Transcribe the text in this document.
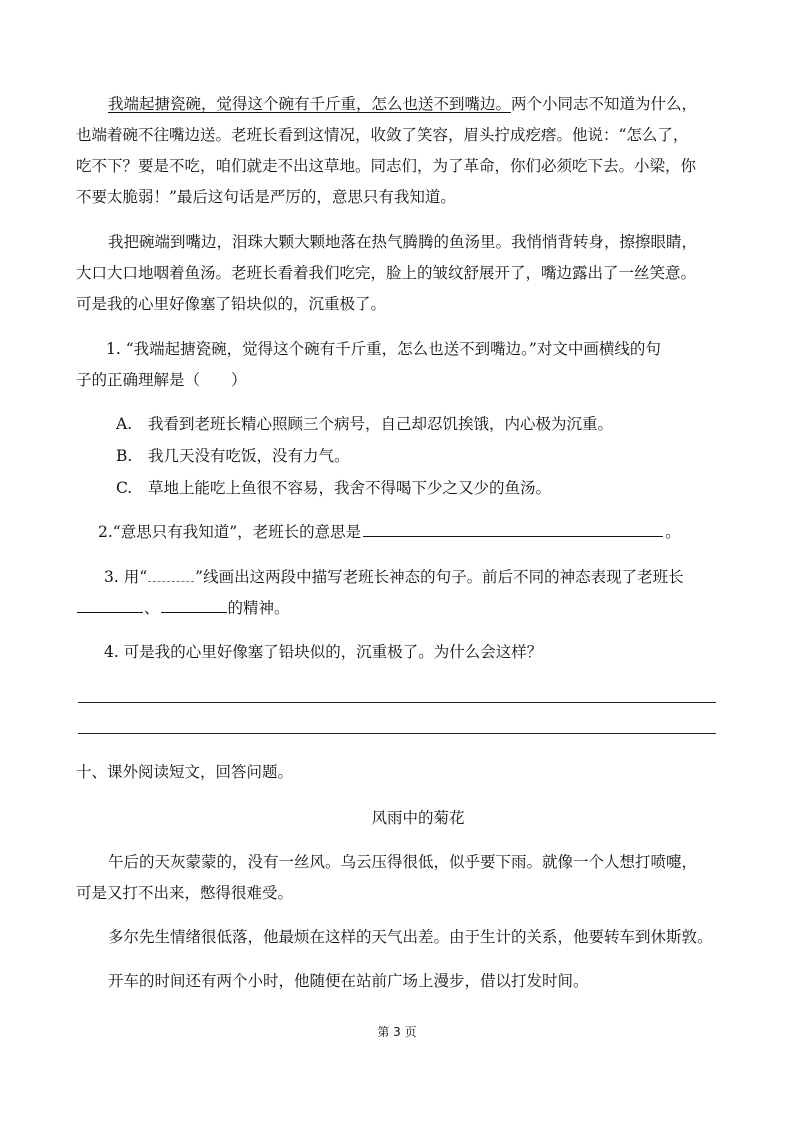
我端起搪瓷碗，觉得这个碗有千斤重，怎么也送不到嘴边。两个小同志不知道为什么，
也端着碗不往嘴边送。老班长看到这情况，收敛了笑容，眉头拧成疙瘩。他说：“怎么了，
吃不下？要是不吃，咱们就走不出这草地。同志们，为了革命，你们必须吃下去。小梁，你
不要太脆弱！”最后这句话是严厉的，意思只有我知道。
我把碗端到嘴边，泪珠大颗大颗地落在热气腾腾的鱼汤里。我悄悄背转身，擦擦眼睛，
大口大口地咽着鱼汤。老班长看着我们吃完，脸上的皱纹舒展开了，嘴边露出了一丝笑意。
可是我的心里好像塞了铅块似的，沉重极了。
1. “我端起搪瓷碗，觉得这个碗有千斤重，怎么也送不到嘴边。”对文中画横线的句
子的正确理解是（　　）
A. 我看到老班长精心照顾三个病号，自己却忍饥挨饿，内心极为沉重。
B. 我几天没有吃饭，没有力气。
C. 草地上能吃上鱼很不容易，我舍不得喝下少之又少的鱼汤。
2.“意思只有我知道”，老班长的意思是	。
3. 用“	”线画出这两段中描写老班长神态的句子。前后不同的神态表现了老班长
、	的精神。
4. 可是我的心里好像塞了铅块似的，沉重极了。为什么会这样？
十、课外阅读短文，回答问题。
风雨中的菊花
午后的天灰蒙蒙的，没有一丝风。乌云压得很低，似乎要下雨。就像一个人想打喷嚏，
可是又打不出来，憋得很难受。
多尔先生情绪很低落，他最烦在这样的天气出差。由于生计的关系，他要转车到休斯敦。
开车的时间还有两个小时，他随便在站前广场上漫步，借以打发时间。
第 3 页
